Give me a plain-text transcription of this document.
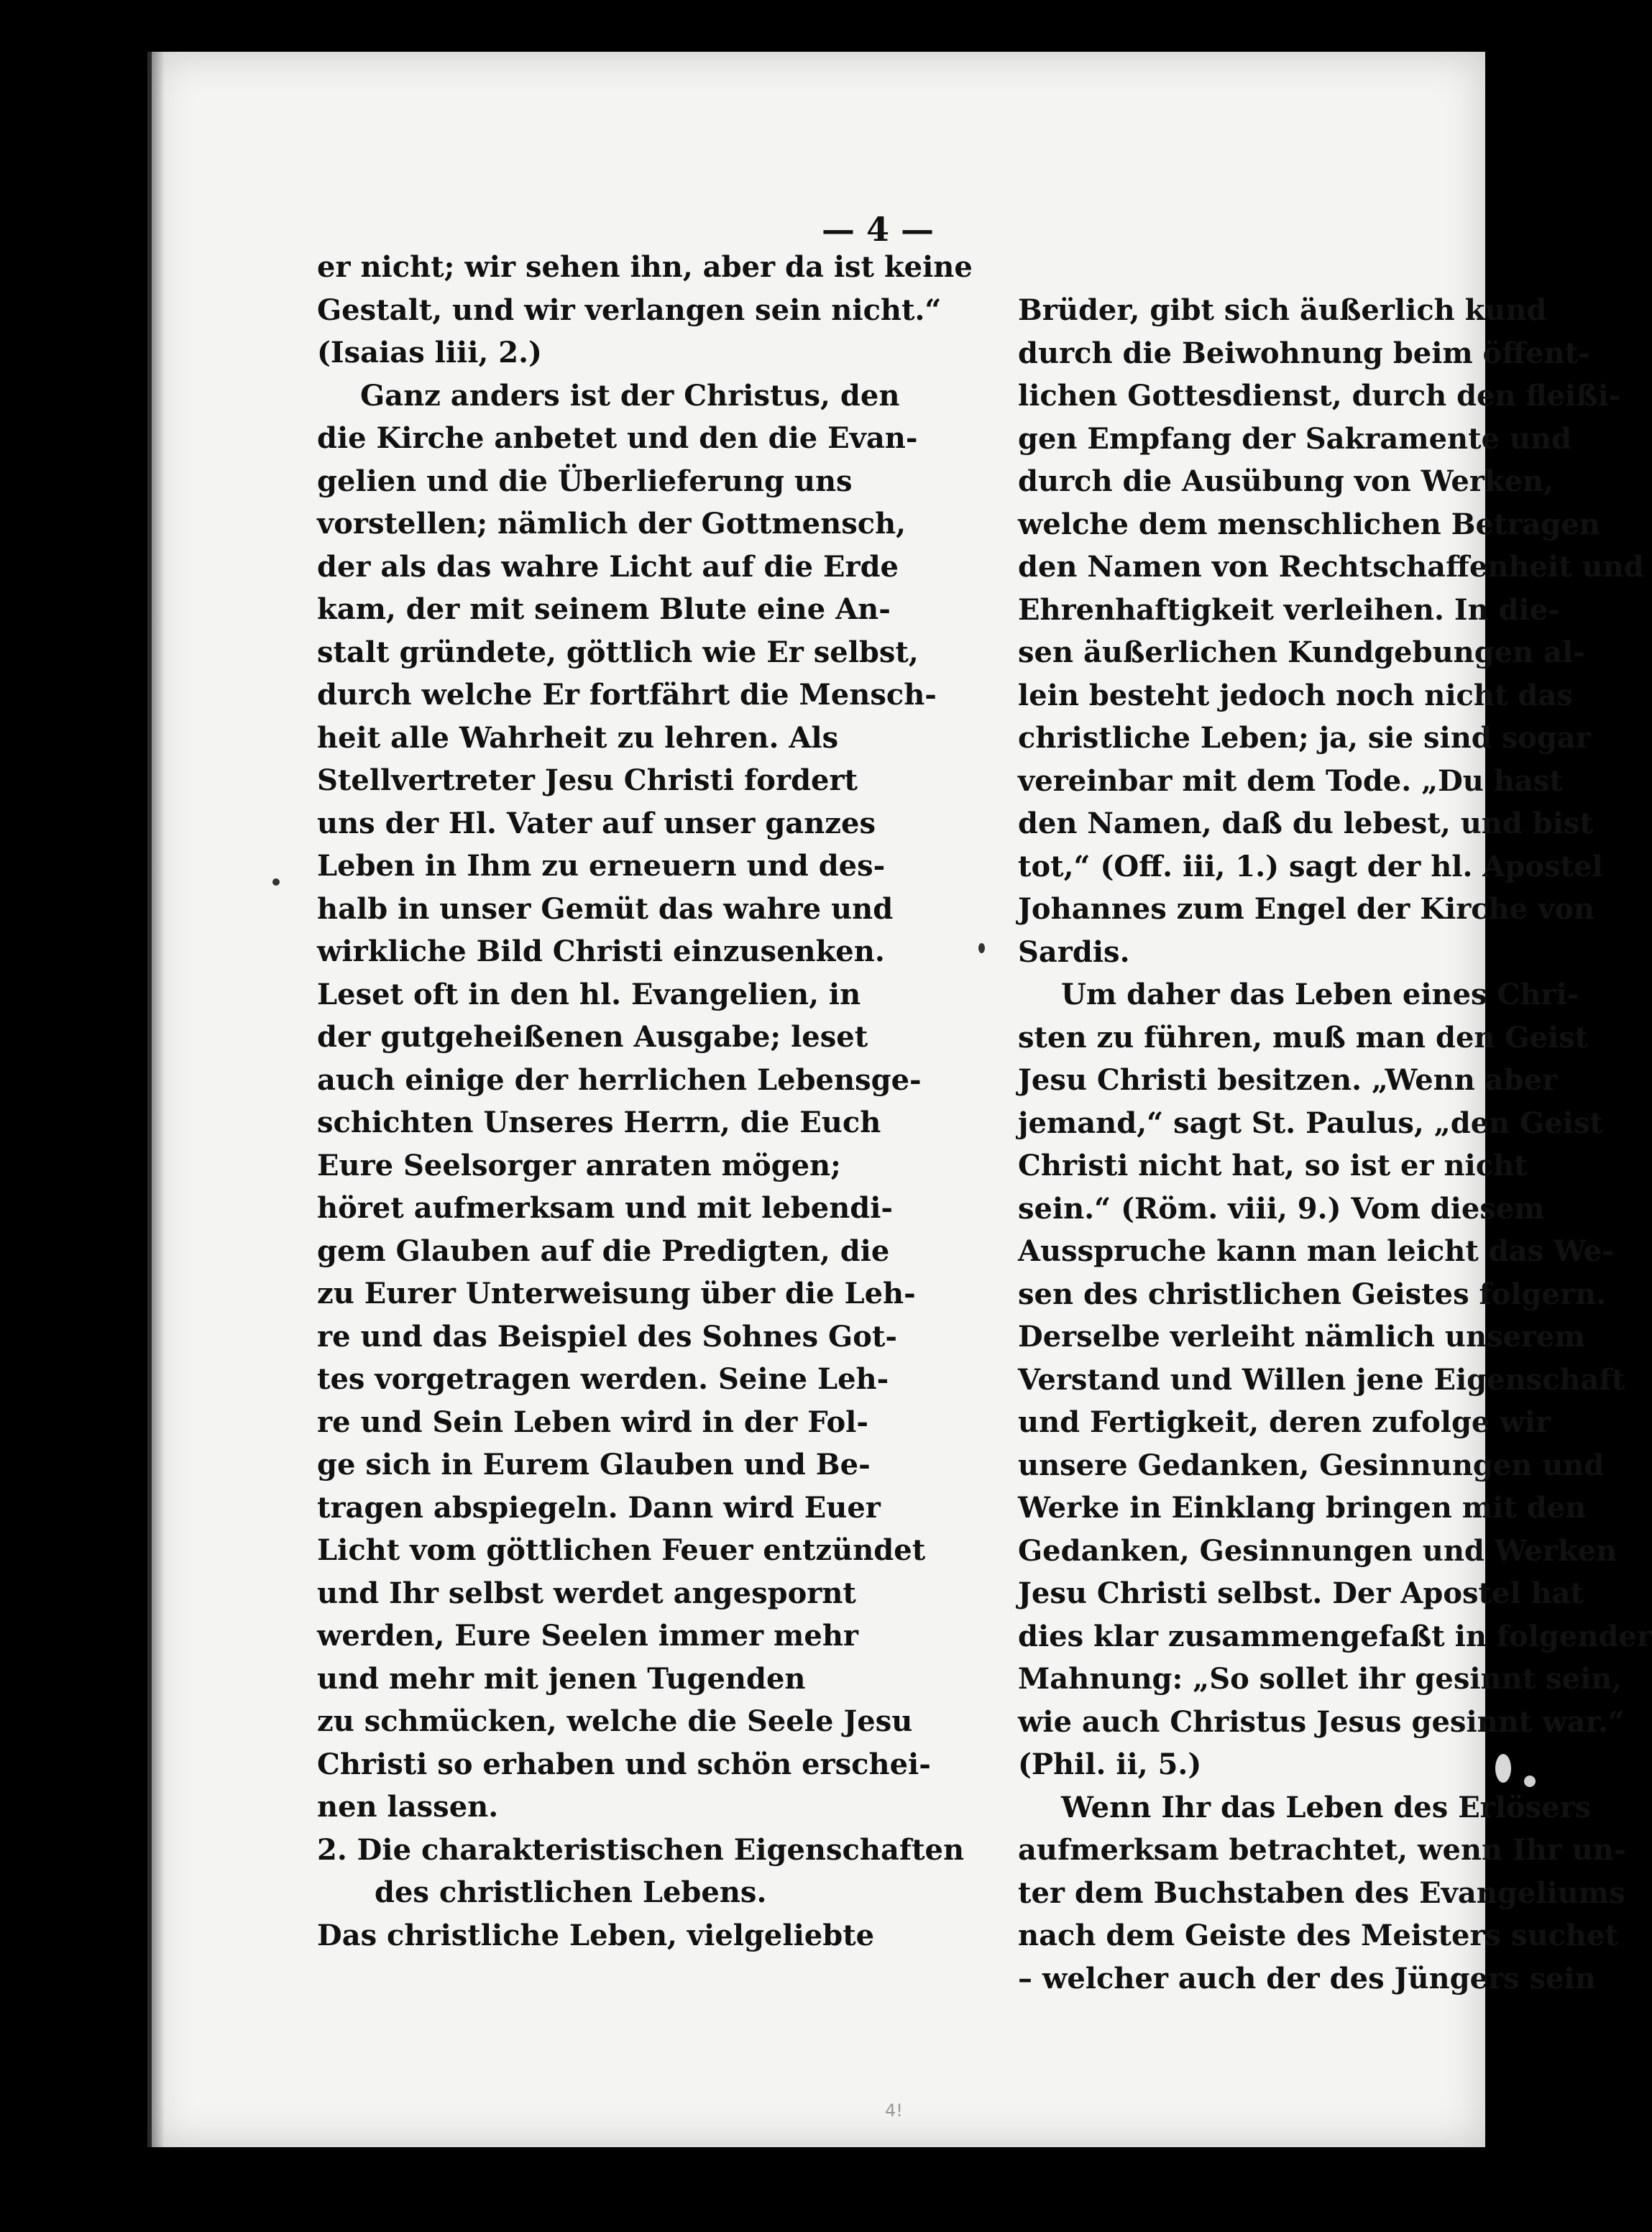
— 4 —
er nicht; wir sehen ihn, aber da ist keine
Gestalt, und wir verlangen sein nicht.“
(Isaias liii, 2.)
Ganz anders ist der Christus, den
die Kirche anbetet und den die Evan-
gelien und die Überlieferung uns
vorstellen; nämlich der Gottmensch,
der als das wahre Licht auf die Erde
kam, der mit seinem Blute eine An-
stalt gründete, göttlich wie Er selbst,
durch welche Er fortfährt die Mensch-
heit alle Wahrheit zu lehren. Als
Stellvertreter Jesu Christi fordert
uns der Hl. Vater auf unser ganzes
Leben in Ihm zu erneuern und des-
halb in unser Gemüt das wahre und
wirkliche Bild Christi einzusenken.
Leset oft in den hl. Evangelien, in
der gutgeheißenen Ausgabe; leset
auch einige der herrlichen Lebensge-
schichten Unseres Herrn, die Euch
Eure Seelsorger anraten mögen;
höret aufmerksam und mit lebendi-
gem Glauben auf die Predigten, die
zu Eurer Unterweisung über die Leh-
re und das Beispiel des Sohnes Got-
tes vorgetragen werden. Seine Leh-
re und Sein Leben wird in der Fol-
ge sich in Eurem Glauben und Be-
tragen abspiegeln. Dann wird Euer
Licht vom göttlichen Feuer entzündet
und Ihr selbst werdet angespornt
werden, Eure Seelen immer mehr
und mehr mit jenen Tugenden
zu schmücken, welche die Seele Jesu
Christi so erhaben und schön erschei-
nen lassen.
2. Die charakteristischen Eigenschaften
des christlichen Lebens.
Das christliche Leben, vielgeliebte
Brüder, gibt sich äußerlich kund
durch die Beiwohnung beim öffent-
lichen Gottesdienst, durch den fleißi-
gen Empfang der Sakramente und
durch die Ausübung von Werken,
welche dem menschlichen Betragen
den Namen von Rechtschaffenheit und
Ehrenhaftigkeit verleihen. In die-
sen äußerlichen Kundgebungen al-
lein besteht jedoch noch nicht das
christliche Leben; ja, sie sind sogar
vereinbar mit dem Tode. „Du hast
den Namen, daß du lebest, und bist
tot,“ (Off. iii, 1.) sagt der hl. Apostel
Johannes zum Engel der Kirche von
Sardis.
Um daher das Leben eines Chri-
sten zu führen, muß man den Geist
Jesu Christi besitzen. „Wenn aber
jemand,“ sagt St. Paulus, „den Geist
Christi nicht hat, so ist er nicht
sein.“ (Röm. viii, 9.) Vom diesem
Ausspruche kann man leicht das We-
sen des christlichen Geistes folgern.
Derselbe verleiht nämlich unserem
Verstand und Willen jene Eigenschaft
und Fertigkeit, deren zufolge wir
unsere Gedanken, Gesinnungen und
Werke in Einklang bringen mit den
Gedanken, Gesinnungen und Werken
Jesu Christi selbst. Der Apostel hat
dies klar zusammengefaßt in folgender
Mahnung: „So sollet ihr gesinnt sein,
wie auch Christus Jesus gesinnt war.“
(Phil. ii, 5.)
Wenn Ihr das Leben des Erlösers
aufmerksam betrachtet, wenn Ihr un-
ter dem Buchstaben des Evangeliums
nach dem Geiste des Meisters suchet
– welcher auch der des Jüngers sein
4!
